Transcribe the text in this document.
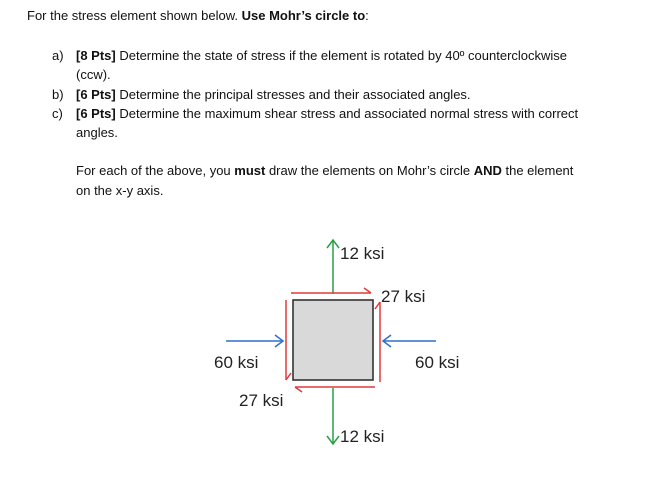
For the stress element shown below. Use Mohr’s circle to:
a) [8 Pts] Determine the state of stress if the element is rotated by 40º counterclockwise
(ccw).
b) [6 Pts] Determine the principal stresses and their associated angles.
c) [6 Pts] Determine the maximum shear stress and associated normal stress with correct
angles.
For each of the above, you must draw the elements on Mohr’s circle AND the element
on the x-y axis.
12 ksi
12 ksi
60 ksi	60 ksi
27 ksi
27 ksi
